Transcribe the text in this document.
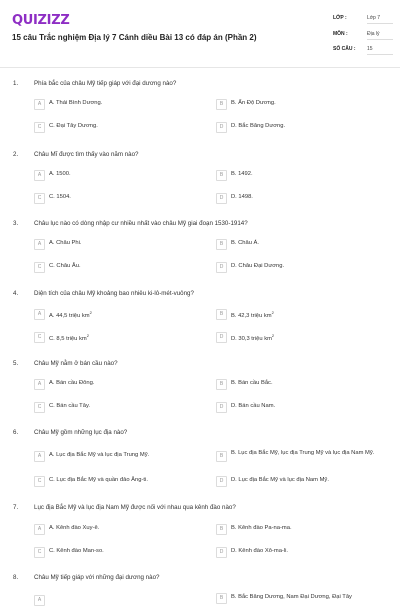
QUIZIZZ
15 câu Trắc nghiệm Địa lý 7 Cánh diều Bài 13 có đáp án (Phần 2)
LỚP :	Lớp 7
MÔN :	Địa lý
SỐ CÂU : 15
1.	Phía bắc của châu Mỹ tiếp giáp với đại dương nào?
A	A. Thái Bình Dương.	B	B. Ấn Độ Dương.
C	C. Đại Tây Dương.	D	D. Bắc Băng Dương.
2.	Châu Mĩ được tìm thấy vào năm nào?
A	A. 1500.	B	B. 1492.
C	C. 1504.	D	D. 1498.
3.	Châu lục nào có dòng nhập cư nhiều nhất vào châu Mỹ giai đoạn 1530-1914?
A	A. Châu Phi.	B	B. Châu Á.
C	C. Châu Âu.	D	D. Châu Đại Dương.
4.	Diện tích của châu Mỹ khoảng bao nhiêu ki-lô-mét-vuông?
A	A. 44,5 triệu $km^2$	B	B. 42,3 triệu $km^2$
C	C. 8,5 triệu $km^2$	D	D. 30,3 triệu $km^2$
5.	Châu Mỹ nằm ở bán cầu nào?
A	A. Bán cầu Đông.	B	B. Bán cầu Bắc.
C	C. Bán cầu Tây.	D	D. Bán cầu Nam.
6.	Châu Mỹ gồm những lục địa nào?
A	A. Lục địa Bắc Mỹ và lục địa Trung Mỹ.	B	B. Lục địa Bắc Mỹ, lục địa Trung Mỹ và lục địa Nam Mỹ.
C	C. Lục địa Bắc Mỹ và quần đảo Ăng-ti.	D	D. Lục địa Bắc Mỹ và lục địa Nam Mỹ.
7.	Lục địa Bắc Mỹ và lục địa Nam Mỹ được nối với nhau qua kênh đào nào?
A	A. Kênh đào Xuy-ê.	B	B. Kênh đào Pa-na-ma.
C	C. Kênh đào Man-so.	D	D. Kênh đào Xô-ma-li.
8.	Châu Mỹ tiếp giáp với những đại dương nào?
A	B	B. Bắc Băng Dương, Nam Đại Dương, Đại Tây
